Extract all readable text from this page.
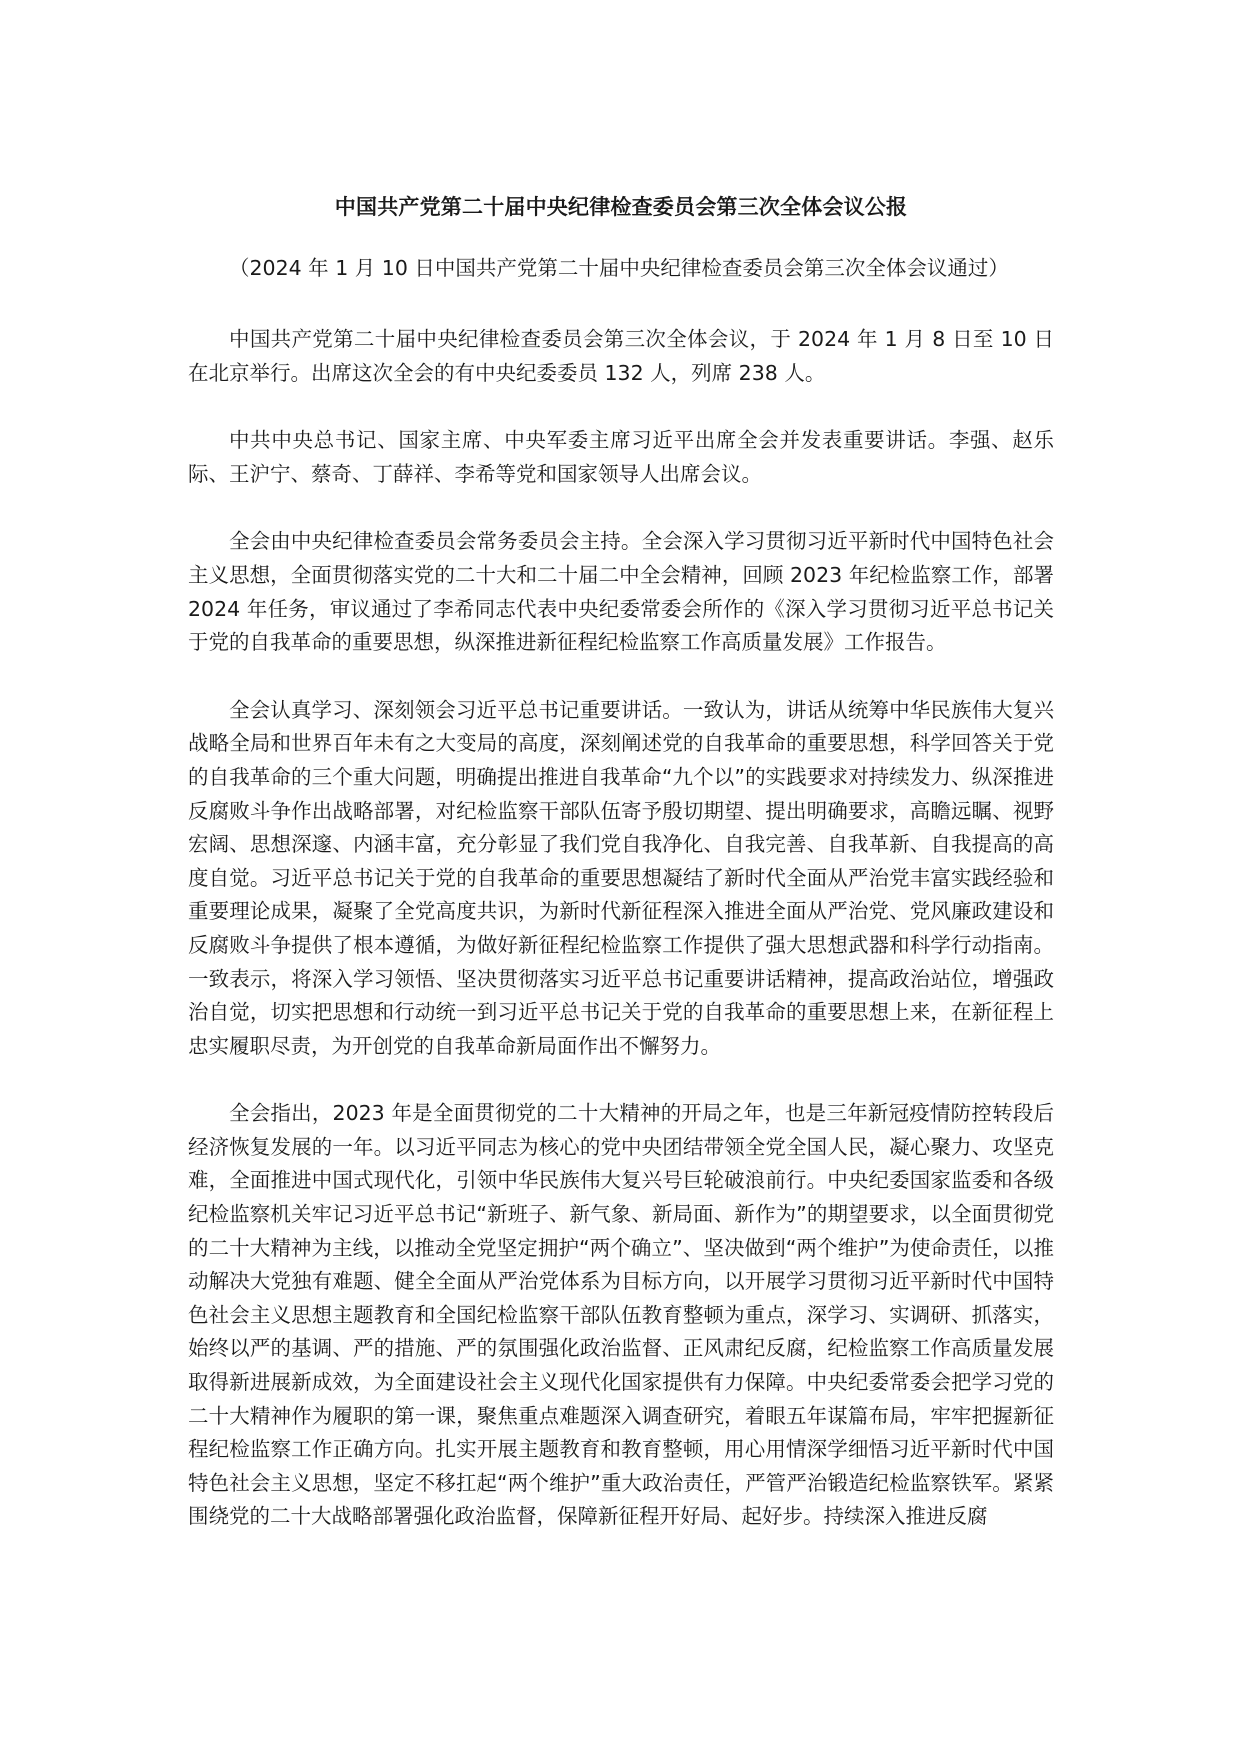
中国共产党第二十届中央纪律检查委员会第三次全体会议公报
（2024 年 1 月 10 日中国共产党第二十届中央纪律检查委员会第三次全体会议通过）

中国共产党第二十届中央纪律检查委员会第三次全体会议，于 2024 年 1 月 8 日至 10 日在北京举行。出席这次全会的有中央纪委委员 132 人，列席 238 人。

中共中央总书记、国家主席、中央军委主席习近平出席全会并发表重要讲话。李强、赵乐际、王沪宁、蔡奇、丁薛祥、李希等党和国家领导人出席会议。

全会由中央纪律检查委员会常务委员会主持。全会深入学习贯彻习近平新时代中国特色社会主义思想，全面贯彻落实党的二十大和二十届二中全会精神，回顾 2023 年纪检监察工作，部署 2024 年任务，审议通过了李希同志代表中央纪委常委会所作的《深入学习贯彻习近平总书记关于党的自我革命的重要思想，纵深推进新征程纪检监察工作高质量发展》工作报告。

全会认真学习、深刻领会习近平总书记重要讲话。一致认为，讲话从统筹中华民族伟大复兴战略全局和世界百年未有之大变局的高度，深刻阐述党的自我革命的重要思想，科学回答关于党的自我革命的三个重大问题，明确提出推进自我革命“九个以”的实践要求对持续发力、纵深推进反腐败斗争作出战略部署，对纪检监察干部队伍寄予殷切期望、提出明确要求，高瞻远瞩、视野宏阔、思想深邃、内涵丰富，充分彰显了我们党自我净化、自我完善、自我革新、自我提高的高度自觉。习近平总书记关于党的自我革命的重要思想凝结了新时代全面从严治党丰富实践经验和重要理论成果，凝聚了全党高度共识，为新时代新征程深入推进全面从严治党、党风廉政建设和反腐败斗争提供了根本遵循，为做好新征程纪检监察工作提供了强大思想武器和科学行动指南。一致表示，将深入学习领悟、坚决贯彻落实习近平总书记重要讲话精神，提高政治站位，增强政治自觉，切实把思想和行动统一到习近平总书记关于党的自我革命的重要思想上来，在新征程上忠实履职尽责，为开创党的自我革命新局面作出不懈努力。

全会指出，2023 年是全面贯彻党的二十大精神的开局之年，也是三年新冠疫情防控转段后经济恢复发展的一年。以习近平同志为核心的党中央团结带领全党全国人民，凝心聚力、攻坚克难，全面推进中国式现代化，引领中华民族伟大复兴号巨轮破浪前行。中央纪委国家监委和各级纪检监察机关牢记习近平总书记“新班子、新气象、新局面、新作为”的期望要求，以全面贯彻党的二十大精神为主线，以推动全党坚定拥护“两个确立”、坚决做到“两个维护”为使命责任，以推动解决大党独有难题、健全全面从严治党体系为目标方向，以开展学习贯彻习近平新时代中国特色社会主义思想主题教育和全国纪检监察干部队伍教育整顿为重点，深学习、实调研、抓落实，始终以严的基调、严的措施、严的氛围强化政治监督、正风肃纪反腐，纪检监察工作高质量发展取得新进展新成效，为全面建设社会主义现代化国家提供有力保障。中央纪委常委会把学习党的二十大精神作为履职的第一课，聚焦重点难题深入调查研究，着眼五年谋篇布局，牢牢把握新征程纪检监察工作正确方向。扎实开展主题教育和教育整顿，用心用情深学细悟习近平新时代中国特色社会主义思想，坚定不移扛起“两个维护”重大政治责任，严管严治锻造纪检监察铁军。紧紧围绕党的二十大战略部署强化政治监督，保障新征程开好局、起好步。持续深入推进反腐
